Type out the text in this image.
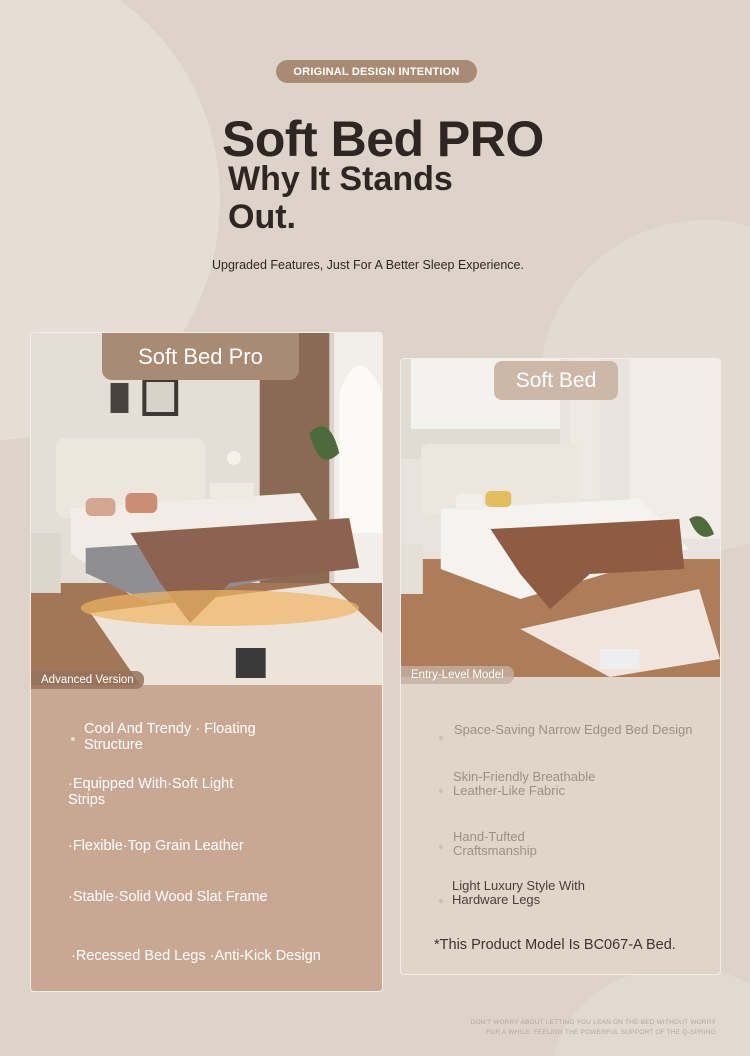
ORIGINAL DESIGN INTENTION
Soft Bed PRO
Why It Stands Out.
Upgraded Features, Just For A Better Sleep Experience.
Soft Bed Pro
Advanced Version
Cool And Trendy · Floating Structure
·Equipped With·Soft Light Strips
·Flexible·Top Grain Leather
·Stable·Solid Wood Slat Frame
·Recessed Bed Legs ·Anti-Kick Design
Soft Bed
Entry-Level Model
Space-Saving Narrow Edged Bed Design
Skin-Friendly Breathable Leather-Like Fabric
Hand-Tufted Craftsmanship
Light Luxury Style With Hardware Legs
*This Product Model Is BC067-A Bed.
DON'T WORRY ABOUT LETTING YOU LEAN ON THE BED WITHOUT WORRY
FOR A WHILE. FEELING THE POWERFUL SUPPORT OF THE Q-SPRING
